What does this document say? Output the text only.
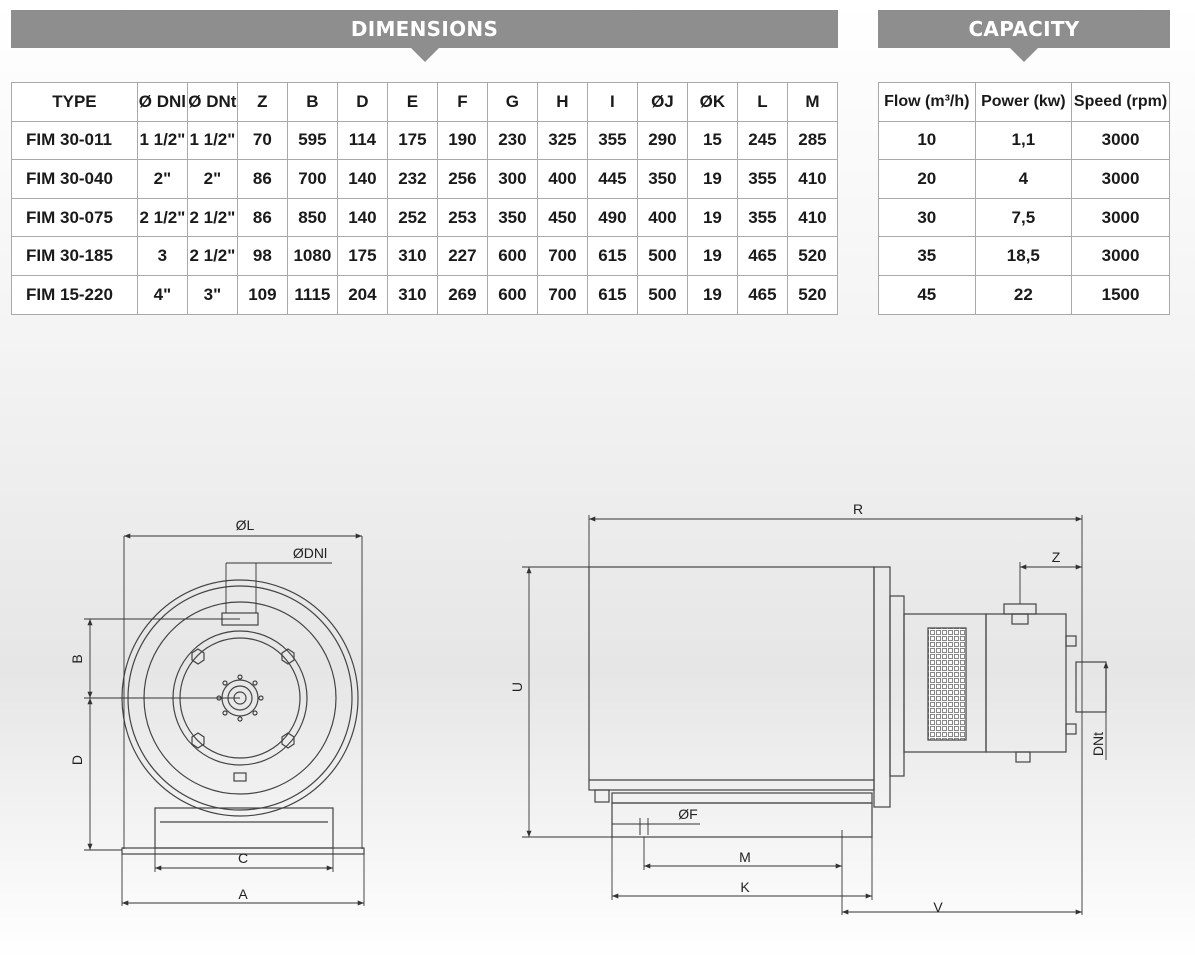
DIMENSIONS	CAPACITY
TYPE	Ø DNl	Ø DNt	Z	B	D	E	F	G	H	I	ØJ	ØK	L	M
FIM 30-011	1 1/2"	1 1/2"	70	595	114	175	190	230	325	355	290	15	245	285
FIM 30-040	2"	2"	86	700	140	232	256	300	400	445	350	19	355	410
FIM 30-075	2 1/2"	2 1/2"	86	850	140	252	253	350	450	490	400	19	355	410
FIM 30-185	3	2 1/2"	98	1080	175	310	227	600	700	615	500	19	465	520
FIM 15-220	4"	3"	109	1115	204	310	269	600	700	615	500	19	465	520
Flow (m³/h)	Power (kw)	Speed (rpm)
10	1,1	3000
20	4	3000
30	7,5	3000
35	18,5	3000
45	22	1500
ØL
ØDNl
B
D
C
A
R
Z
U
DNt
ØF
M
K
V
